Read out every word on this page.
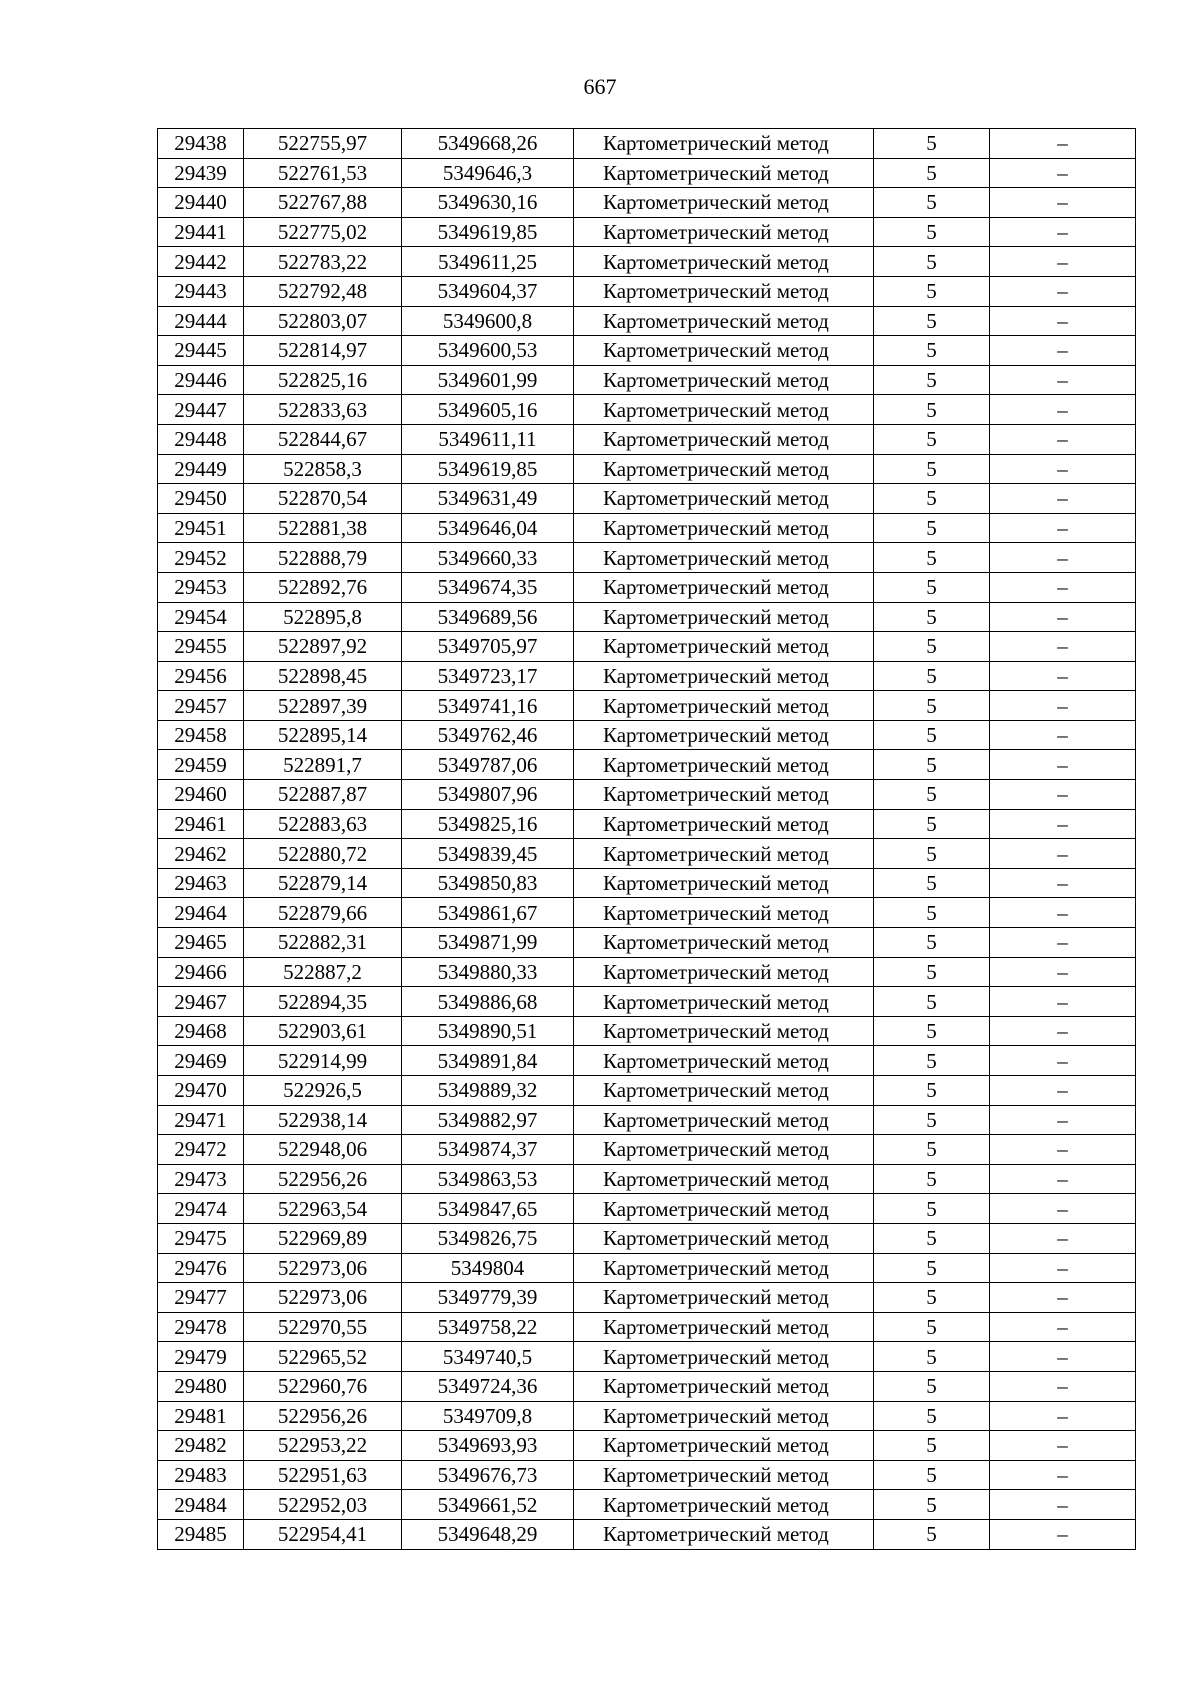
667
29438	522755,97	5349668,26	Картометрический метод	5	–
29439	522761,53	5349646,3	Картометрический метод	5	–
29440	522767,88	5349630,16	Картометрический метод	5	–
29441	522775,02	5349619,85	Картометрический метод	5	–
29442	522783,22	5349611,25	Картометрический метод	5	–
29443	522792,48	5349604,37	Картометрический метод	5	–
29444	522803,07	5349600,8	Картометрический метод	5	–
29445	522814,97	5349600,53	Картометрический метод	5	–
29446	522825,16	5349601,99	Картометрический метод	5	–
29447	522833,63	5349605,16	Картометрический метод	5	–
29448	522844,67	5349611,11	Картометрический метод	5	–
29449	522858,3	5349619,85	Картометрический метод	5	–
29450	522870,54	5349631,49	Картометрический метод	5	–
29451	522881,38	5349646,04	Картометрический метод	5	–
29452	522888,79	5349660,33	Картометрический метод	5	–
29453	522892,76	5349674,35	Картометрический метод	5	–
29454	522895,8	5349689,56	Картометрический метод	5	–
29455	522897,92	5349705,97	Картометрический метод	5	–
29456	522898,45	5349723,17	Картометрический метод	5	–
29457	522897,39	5349741,16	Картометрический метод	5	–
29458	522895,14	5349762,46	Картометрический метод	5	–
29459	522891,7	5349787,06	Картометрический метод	5	–
29460	522887,87	5349807,96	Картометрический метод	5	–
29461	522883,63	5349825,16	Картометрический метод	5	–
29462	522880,72	5349839,45	Картометрический метод	5	–
29463	522879,14	5349850,83	Картометрический метод	5	–
29464	522879,66	5349861,67	Картометрический метод	5	–
29465	522882,31	5349871,99	Картометрический метод	5	–
29466	522887,2	5349880,33	Картометрический метод	5	–
29467	522894,35	5349886,68	Картометрический метод	5	–
29468	522903,61	5349890,51	Картометрический метод	5	–
29469	522914,99	5349891,84	Картометрический метод	5	–
29470	522926,5	5349889,32	Картометрический метод	5	–
29471	522938,14	5349882,97	Картометрический метод	5	–
29472	522948,06	5349874,37	Картометрический метод	5	–
29473	522956,26	5349863,53	Картометрический метод	5	–
29474	522963,54	5349847,65	Картометрический метод	5	–
29475	522969,89	5349826,75	Картометрический метод	5	–
29476	522973,06	5349804	Картометрический метод	5	–
29477	522973,06	5349779,39	Картометрический метод	5	–
29478	522970,55	5349758,22	Картометрический метод	5	–
29479	522965,52	5349740,5	Картометрический метод	5	–
29480	522960,76	5349724,36	Картометрический метод	5	–
29481	522956,26	5349709,8	Картометрический метод	5	–
29482	522953,22	5349693,93	Картометрический метод	5	–
29483	522951,63	5349676,73	Картометрический метод	5	–
29484	522952,03	5349661,52	Картометрический метод	5	–
29485	522954,41	5349648,29	Картометрический метод	5	–
